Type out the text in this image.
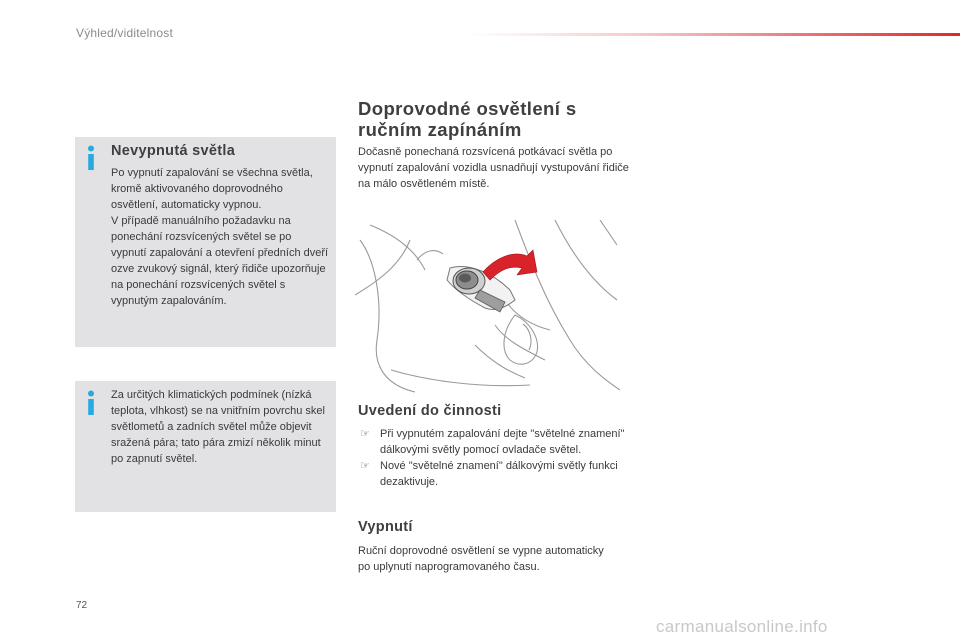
Výhled/viditelnost
Nevypnutá světla

Po vypnutí zapalování se všechna světla, kromě aktivovaného doprovodného osvětlení, automaticky vypnou.
V případě manuálního požadavku na ponechání rozsvícených světel se po vypnutí zapalování a otevření předních dveří ozve zvukový signál, který řidiče upozorňuje na ponechání rozsvícených světel s vypnutým zapalováním.

Za určitých klimatických podmínek (nízká teplota, vlhkost) se na vnitřním povrchu skel světlometů a zadních světel může objevit sražená pára; tato pára zmizí několik minut po zapnutí světel.

Doprovodné osvětlení s ručním zapínáním

Dočasně ponechaná rozsvícená potkávací světla po vypnutí zapalování vozidla usnadňují vystupování řidiče na málo osvětleném místě.

Uvedení do činnosti
☞ Při vypnutém zapalování dejte "světelné znamení" dálkovými světly pomocí ovladače světel.
☞ Nové "světelné znamení" dálkovými světly funkci dezaktivuje.
Vypnutí

Ruční doprovodné osvětlení se vypne automaticky po uplynutí naprogramovaného času.

72
carmanualsonline.info
